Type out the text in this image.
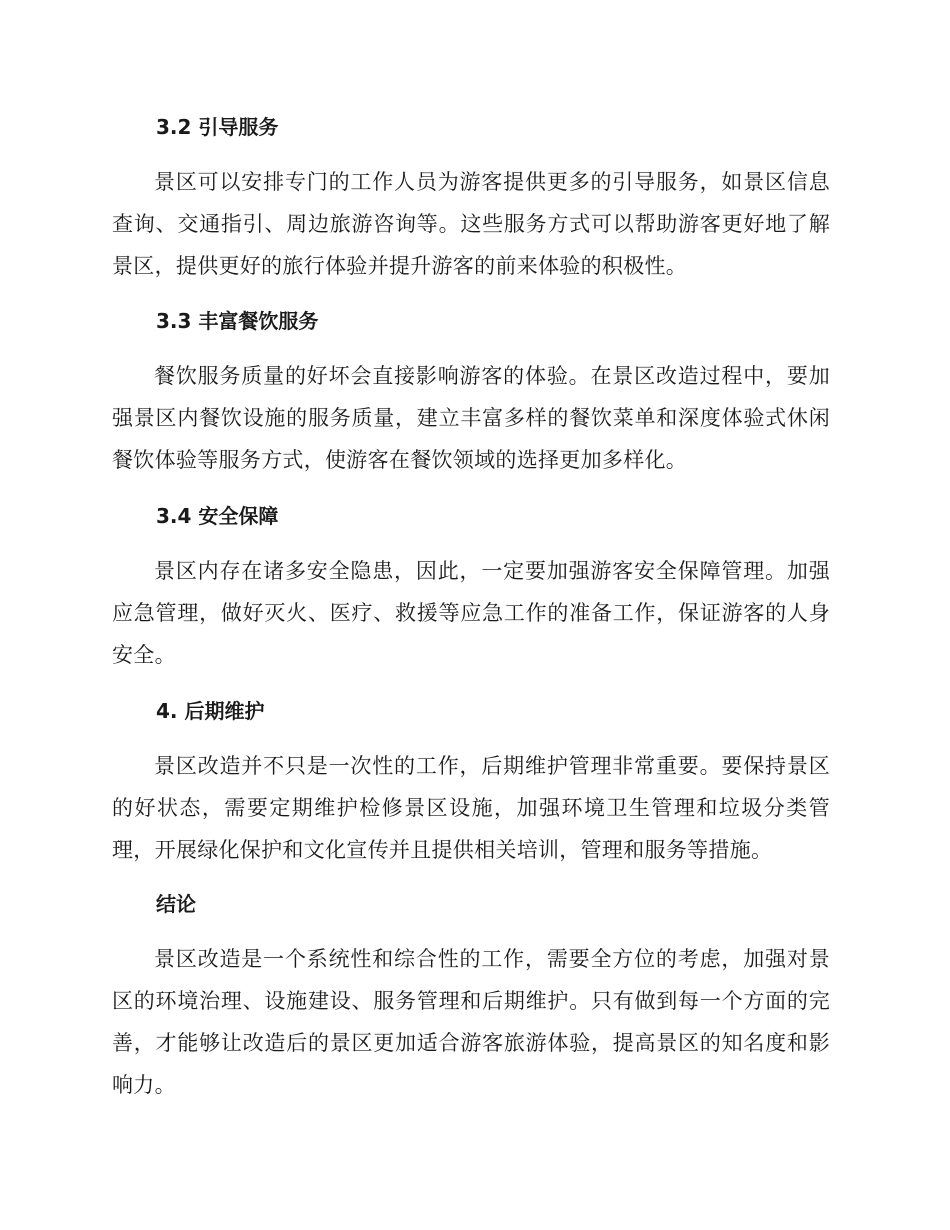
3.2 引导服务
景区可以安排专门的工作人员为游客提供更多的引导服务，如景区信息查询、交通指引、周边旅游咨询等。这些服务方式可以帮助游客更好地了解景区，提供更好的旅行体验并提升游客的前来体验的积极性。
3.3 丰富餐饮服务
餐饮服务质量的好坏会直接影响游客的体验。在景区改造过程中，要加强景区内餐饮设施的服务质量，建立丰富多样的餐饮菜单和深度体验式休闲餐饮体验等服务方式，使游客在餐饮领域的选择更加多样化。
3.4 安全保障
景区内存在诸多安全隐患，因此，一定要加强游客安全保障管理。加强应急管理，做好灭火、医疗、救援等应急工作的准备工作，保证游客的人身安全。
4. 后期维护
景区改造并不只是一次性的工作，后期维护管理非常重要。要保持景区的好状态，需要定期维护检修景区设施，加强环境卫生管理和垃圾分类管理，开展绿化保护和文化宣传并且提供相关培训，管理和服务等措施。
结论
景区改造是一个系统性和综合性的工作，需要全方位的考虑，加强对景区的环境治理、设施建设、服务管理和后期维护。只有做到每一个方面的完善，才能够让改造后的景区更加适合游客旅游体验，提高景区的知名度和影响力。
